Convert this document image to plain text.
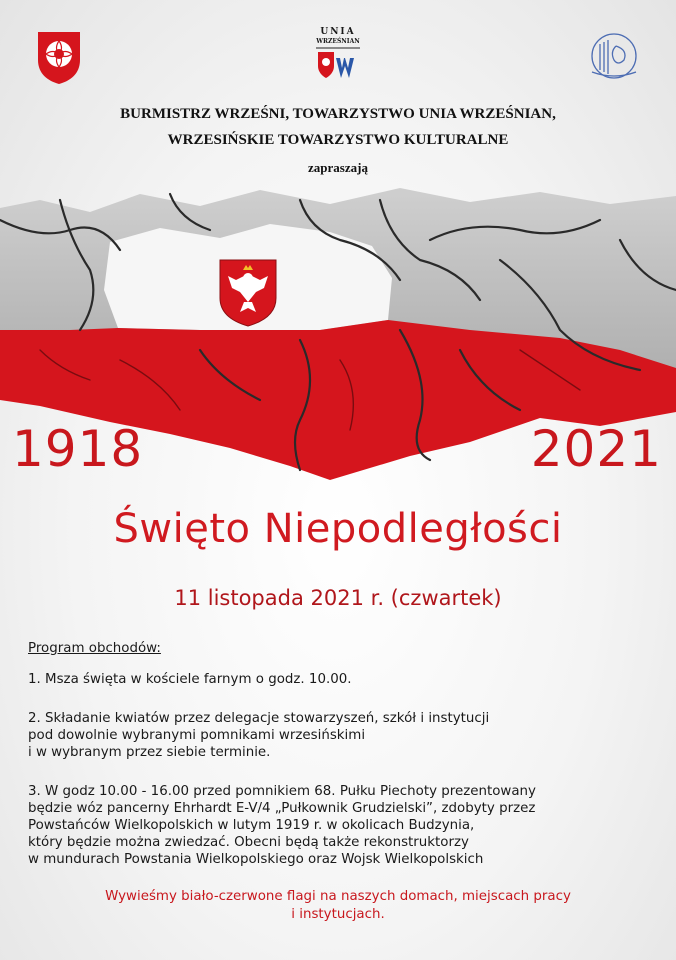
UNIA
WRZEŚNIAN
BURMISTRZ WRZEŚNI, TOWARZYSTWO UNIA WRZEŚNIAN,
WRZESIŃSKIE TOWARZYSTWO KULTURALNE
zapraszają
1918	2021
Święto Niepodległości
11 listopada 2021 r. (czwartek)
Program obchodów:
1. Msza święta w kościele farnym o godz. 10.00.
2. Składanie kwiatów przez delegacje stowarzyszeń, szkół i instytucji
pod dowolnie wybranymi pomnikami wrzesińskimi
i w wybranym przez siebie terminie.
3. W godz 10.00 - 16.00 przed pomnikiem 68. Pułku Piechoty prezentowany
będzie wóz pancerny Ehrhardt E-V/4 „Pułkownik Grudzielski”, zdobyty przez
Powstańców Wielkopolskich w lutym 1919 r. w okolicach Budzynia,
który będzie można zwiedzać. Obecni będą także rekonstruktorzy
w mundurach Powstania Wielkopolskiego oraz Wojsk Wielkopolskich
Wywieśmy biało-czerwone flagi na naszych domach, miejscach pracy
i instytucjach.
